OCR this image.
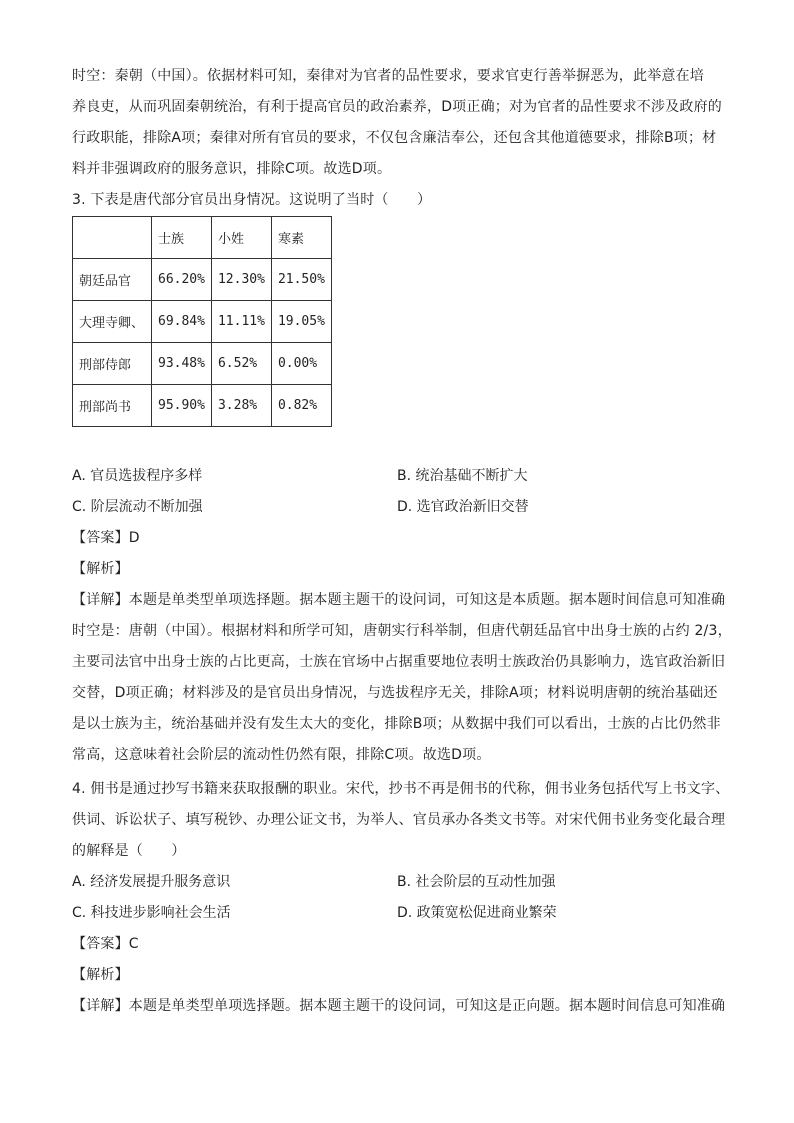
时空：秦朝（中国）。依据材料可知，秦律对为官者的品性要求，要求官吏行善举摒恶为，此举意在培
养良吏，从而巩固秦朝统治，有利于提高官员的政治素养，D项正确；对为官者的品性要求不涉及政府的
行政职能，排除A项；秦律对所有官员的要求，不仅包含廉洁奉公，还包含其他道德要求，排除B项；材
料并非强调政府的服务意识，排除C项。故选D项。
3. 下表是唐代部分官员出身情况。这说明了当时（　　）
	士族	小姓	寒素
朝廷品官	66.20%	12.30%	21.50%
大理寺卿、	69.84%	11.11%	19.05%
刑部侍郎	93.48%	6.52%	0.00%
刑部尚书	95.90%	3.28%	0.82%
A. 官员选拔程序多样	B. 统治基础不断扩大
C. 阶层流动不断加强	D. 选官政治新旧交替
【答案】D
【解析】
【详解】本题是单类型单项选择题。据本题主题干的设问词，可知这是本质题。据本题时间信息可知准确
时空是：唐朝（中国）。根据材料和所学可知，唐朝实行科举制，但唐代朝廷品官中出身士族的占约 2/3，
主要司法官中出身士族的占比更高，士族在官场中占据重要地位表明士族政治仍具影响力，选官政治新旧
交替，D项正确；材料涉及的是官员出身情况，与选拔程序无关，排除A项；材料说明唐朝的统治基础还
是以士族为主，统治基础并没有发生太大的变化，排除B项；从数据中我们可以看出，士族的占比仍然非
常高，这意味着社会阶层的流动性仍然有限，排除C项。故选D项。
4. 佣书是通过抄写书籍来获取报酬的职业。宋代，抄书不再是佣书的代称，佣书业务包括代写上书文字、
供词、诉讼状子、填写税钞、办理公证文书，为举人、官员承办各类文书等。对宋代佣书业务变化最合理
的解释是（　　）
A. 经济发展提升服务意识	B. 社会阶层的互动性加强
C. 科技进步影响社会生活	D. 政策宽松促进商业繁荣
【答案】C
【解析】
【详解】本题是单类型单项选择题。据本题主题干的设问词，可知这是正向题。据本题时间信息可知准确
